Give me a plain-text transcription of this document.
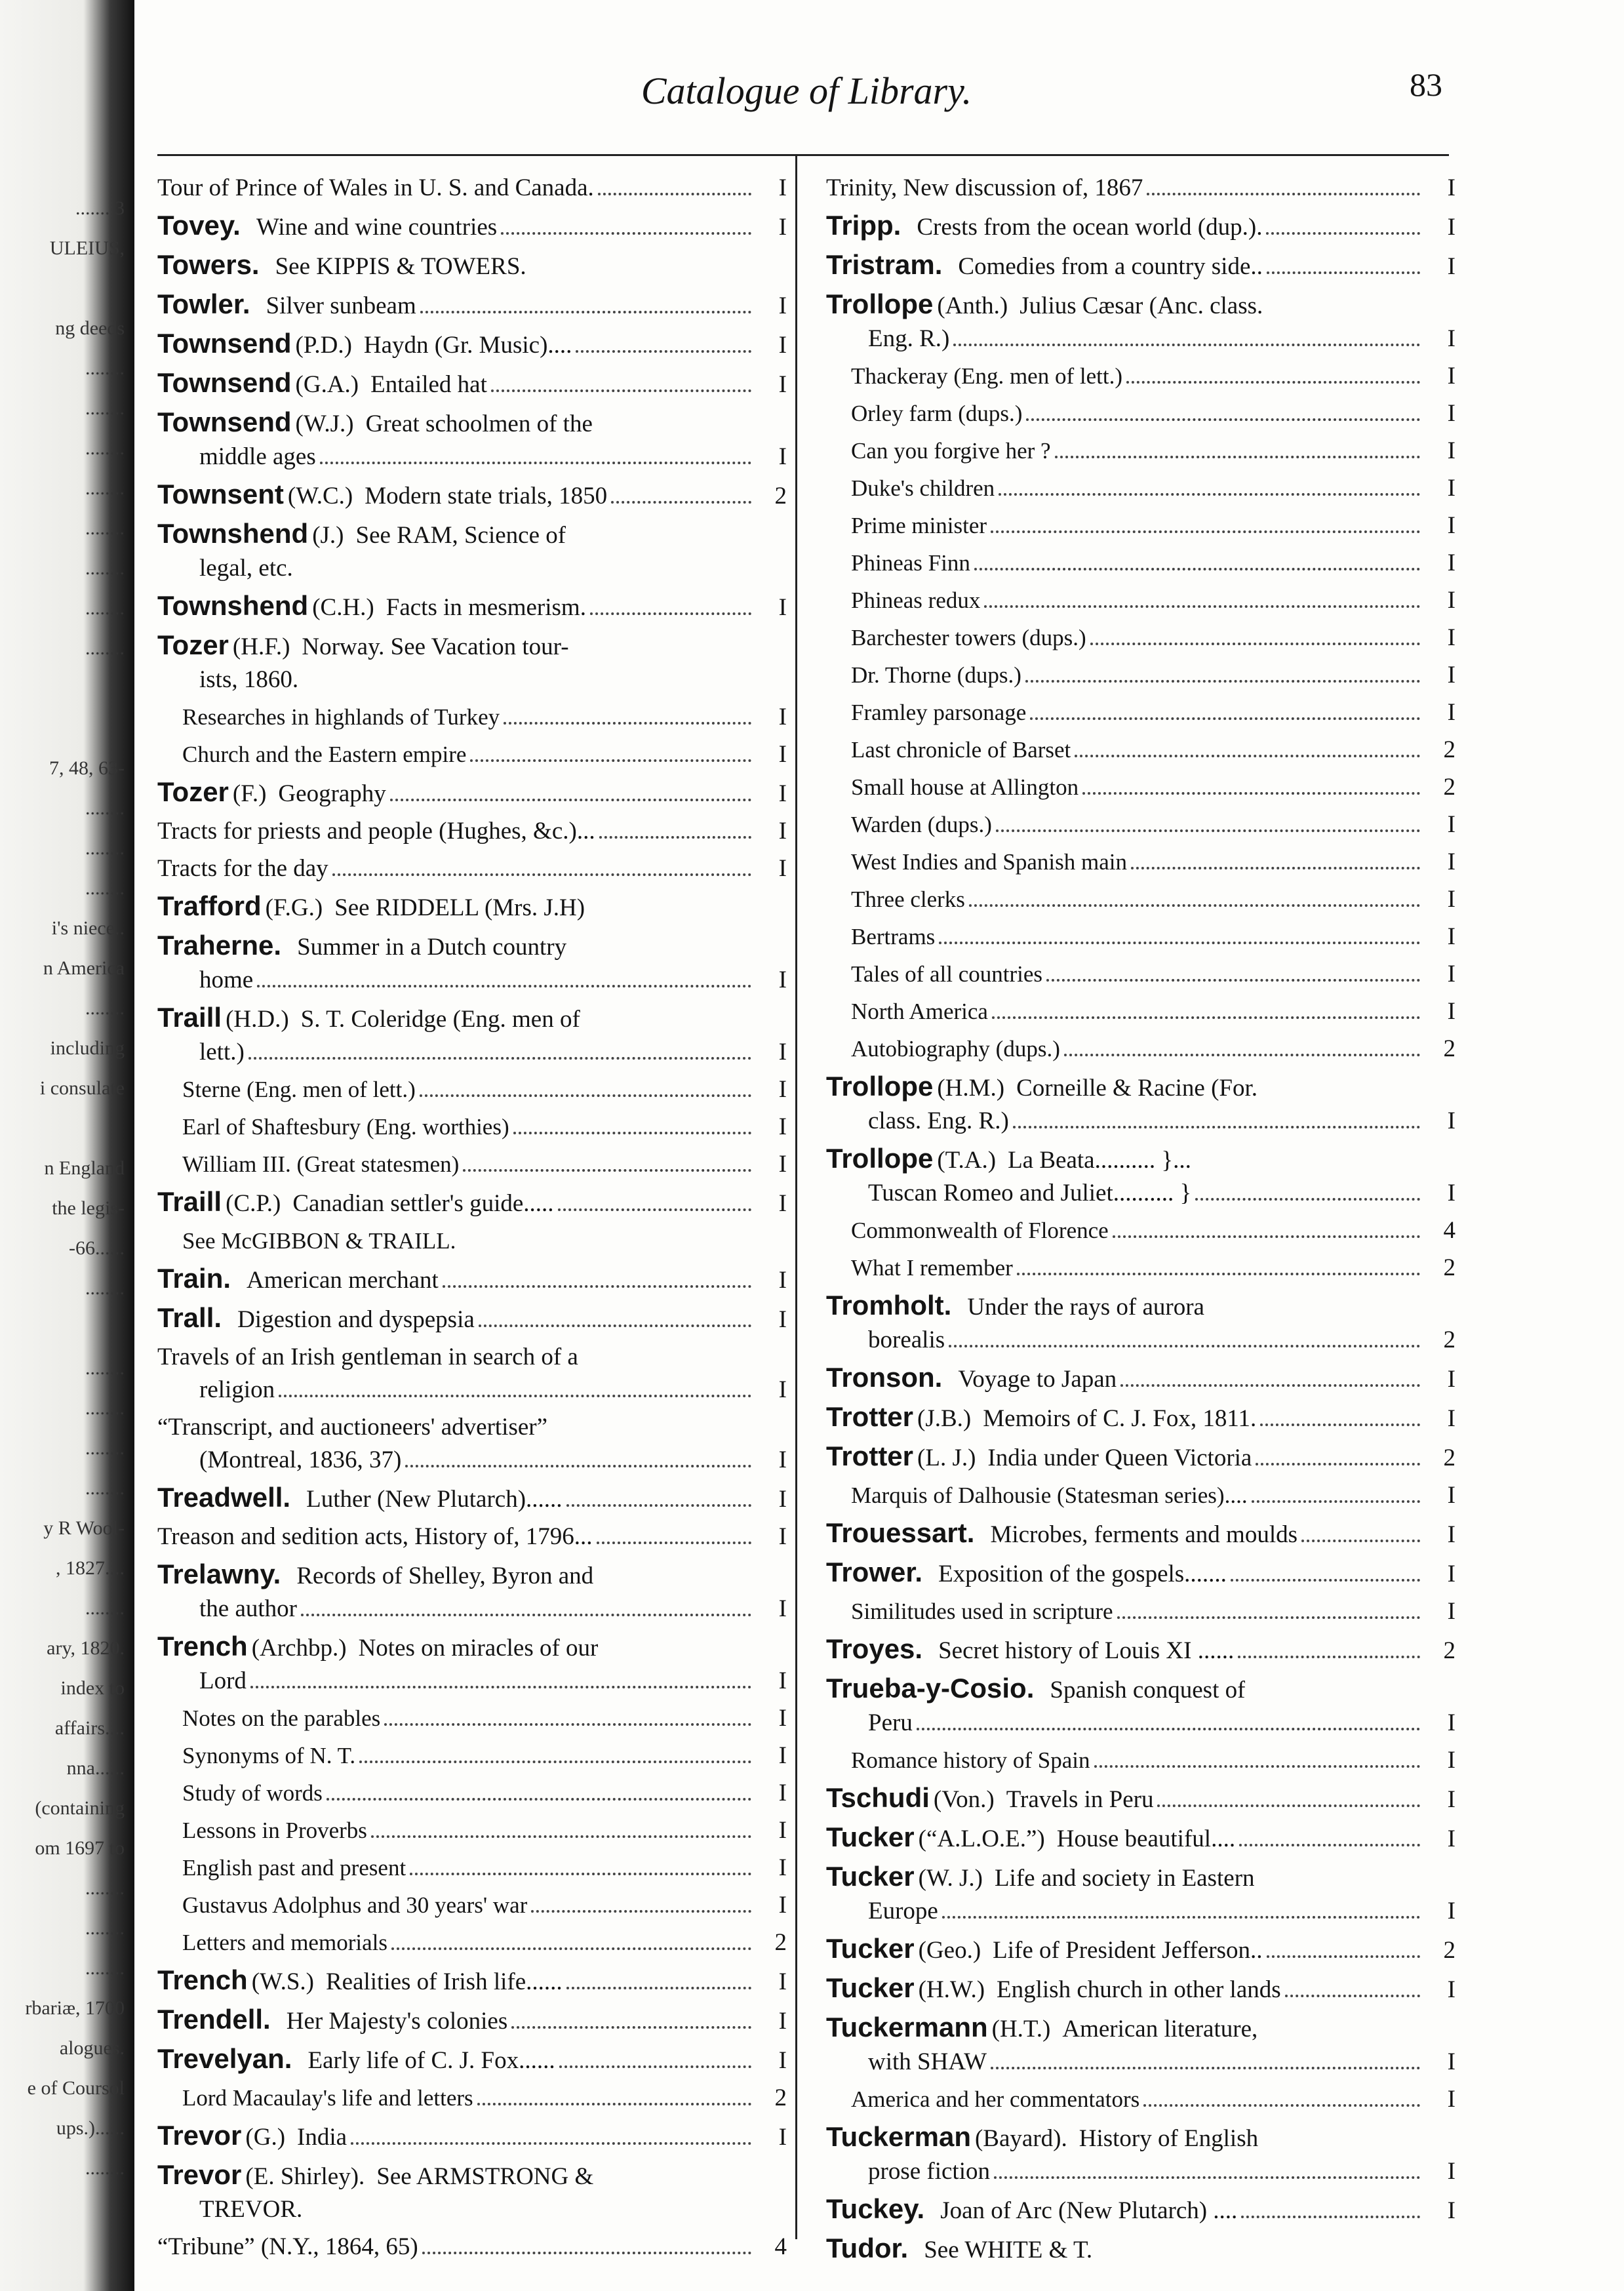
....... 3
ULEIUS,
ng deeds
........
........
........
........
........
........
........
........
7, 48, 63-
........
........
........
i's niece..
n America
........
including
i consulate
n England
the legis-
-66......
........
........
........
........
........
y R Wool-
, 1827....
........
ary, 1820.
index to
affairs....
nna......
(containing
om 1697 to
........
........
........
rbariæ, 1700
alogues.
e of Coursol
ups.)......
........
Catalogue of Library.	83
Tour of Prince of Wales in U. S. and Canada.	I
Tovey. Wine and wine countries	I
Towers. See KIPPIS & TOWERS.
Towler. Silver sunbeam	I
Townsend (P.D.) Haydn (Gr. Music)....	I
Townsend (G.A.) Entailed hat	I
Townsend (W.J.) Great schoolmen of the
middle ages	I
Townsent (W.C.) Modern state trials, 1850	2
Townshend (J.) See RAM, Science of
legal, etc.
Townshend (C.H.) Facts in mesmerism.	I
Tozer (H.F.) Norway. See Vacation tour-
ists, 1860.
Researches in highlands of Turkey	I
Church and the Eastern empire	I
Tozer (F.) Geography	I
Tracts for priests and people (Hughes, &c.)...	I
Tracts for the day	I
Trafford (F.G.) See RIDDELL (Mrs. J.H)
Traherne. Summer in a Dutch country
home	I
Traill (H.D.) S. T. Coleridge (Eng. men of
lett.)	I
Sterne (Eng. men of lett.)	I
Earl of Shaftesbury (Eng. worthies)	I
William III. (Great statesmen)	I
Traill (C.P.) Canadian settler's guide.....	I
See McGIBBON & TRAILL.
Train. American merchant	I
Trall. Digestion and dyspepsia	I
Travels of an Irish gentleman in search of a
religion	I
“Transcript, and auctioneers' advertiser”
(Montreal, 1836, 37)	I
Treadwell. Luther (New Plutarch)......	I
Treason and sedition acts, History of, 1796...	I
Trelawny. Records of Shelley, Byron and
the author	I
Trench (Archbp.) Notes on miracles of our
Lord	I
Notes on the parables	I
Synonyms of N. T.	I
Study of words	I
Lessons in Proverbs	I
English past and present	I
Gustavus Adolphus and 30 years' war	I
Letters and memorials	2
Trench (W.S.) Realities of Irish life......	I
Trendell. Her Majesty's colonies	I
Trevelyan. Early life of C. J. Fox......	I
Lord Macaulay's life and letters	2
Trevor (G.) India	I
Trevor (E. Shirley). See ARMSTRONG &
TREVOR.
“Tribune” (N.Y., 1864, 65)	4
Trinity, New discussion of, 1867	I
Tripp. Crests from the ocean world (dup.).	I
Tristram. Comedies from a country side..	I
Trollope (Anth.) Julius Cæsar (Anc. class.
Eng. R.)	I
Thackeray (Eng. men of lett.)	I
Orley farm (dups.)	I
Can you forgive her ?	I
Duke's children	I
Prime minister	I
Phineas Finn	I
Phineas redux	I
Barchester towers (dups.)	I
Dr. Thorne (dups.)	I
Framley parsonage	I
Last chronicle of Barset	2
Small house at Allington	2
Warden (dups.)	I
West Indies and Spanish main	I
Three clerks	I
Bertrams	I
Tales of all countries	I
North America	I
Autobiography (dups.)	2
Trollope (H.M.) Corneille & Racine (For.
class. Eng. R.)	I
Trollope (T.A.) La Beata.......... }...
Tuscan Romeo and Juliet.......... }	I
Commonwealth of Florence	4
What I remember	2
Tromholt. Under the rays of aurora
borealis	2
Tronson. Voyage to Japan	I
Trotter (J.B.) Memoirs of C. J. Fox, 1811.	I
Trotter (L. J.) India under Queen Victoria	2
Marquis of Dalhousie (Statesman series)....	I
Trouessart. Microbes, ferments and moulds	I
Trower. Exposition of the gospels.......	I
Similitudes used in scripture	I
Troyes. Secret history of Louis XI ......	2
Trueba-y-Cosio. Spanish conquest of
Peru	I
Romance history of Spain	I
Tschudi (Von.) Travels in Peru	I
Tucker (“A.L.O.E.”) House beautiful....	I
Tucker (W. J.) Life and society in Eastern
Europe	I
Tucker (Geo.) Life of President Jefferson..	2
Tucker (H.W.) English church in other lands	I
Tuckermann (H.T.) American literature,
with SHAW	I
America and her commentators	I
Tuckerman (Bayard). History of English
prose fiction	I
Tuckey. Joan of Arc (New Plutarch) ....	I
Tudor. See WHITE & T.
